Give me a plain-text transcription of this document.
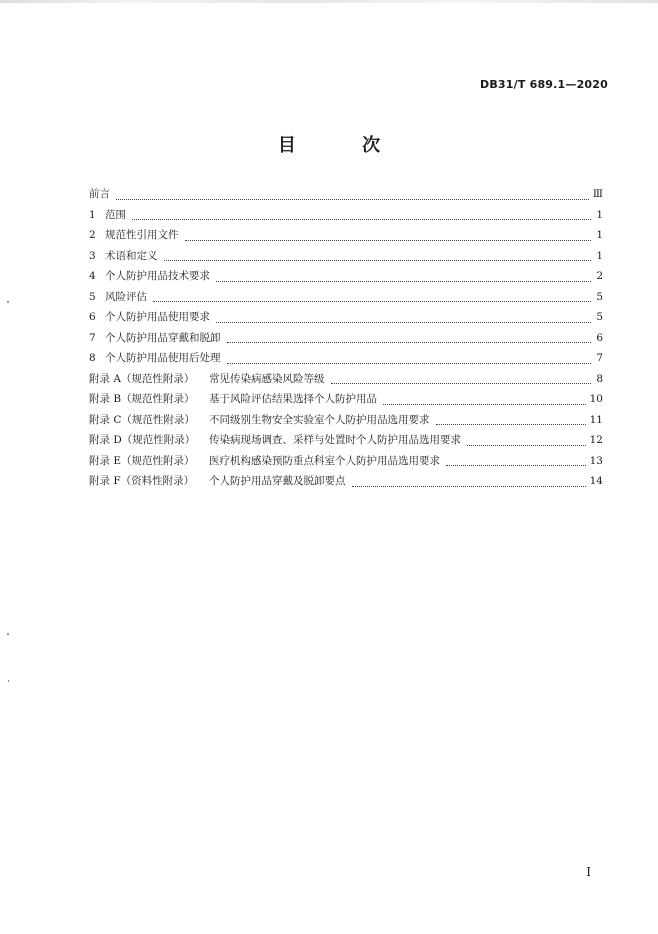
DB31/T 689.1—2020
目 次
前言	Ⅲ
1 范围	1
2 规范性引用文件	1
3 术语和定义	1
4 个人防护用品技术要求	2
5 风险评估	5
6 个人防护用品使用要求	5
7 个人防护用品穿戴和脱卸	6
8 个人防护用品使用后处理	7
附录 A（规范性附录）	常见传染病感染风险等级	8
附录 B（规范性附录）	基于风险评估结果选择个人防护用品	10
附录 C（规范性附录）	不同级别生物安全实验室个人防护用品选用要求	11
附录 D（规范性附录）	传染病现场调查、采样与处置时个人防护用品选用要求	12
附录 E（规范性附录）	医疗机构感染预防重点科室个人防护用品选用要求	13
附录 F（资料性附录）	个人防护用品穿戴及脱卸要点	14
I
